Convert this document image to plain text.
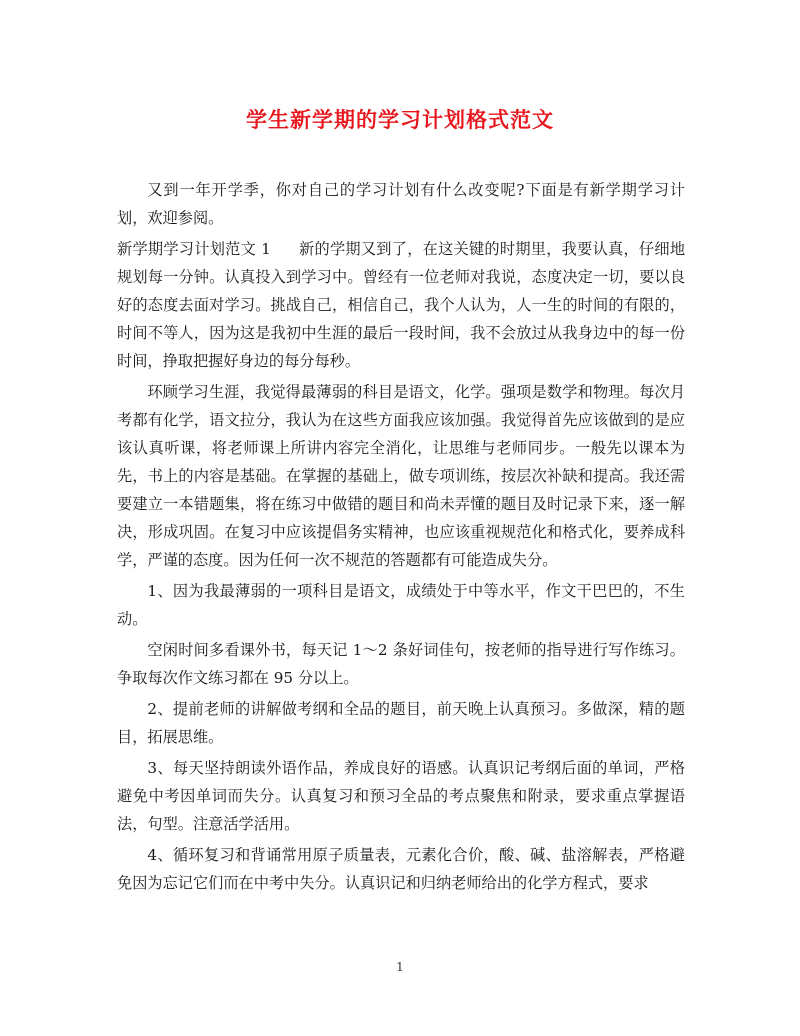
学生新学期的学习计划格式范文

又到一年开学季，你对自己的学习计划有什么改变呢?下面是有新学期学习计划，欢迎参阅。

新学期学习计划范文 1 新的学期又到了，在这关键的时期里，我要认真，仔细地规划每一分钟。认真投入到学习中。曾经有一位老师对我说，态度决定一切，要以良好的态度去面对学习。挑战自己，相信自己，我个人认为，人一生的时间的有限的，时间不等人，因为这是我初中生涯的最后一段时间，我不会放过从我身边中的每一份时间，挣取把握好身边的每分每秒。

环顾学习生涯，我觉得最薄弱的科目是语文，化学。强项是数学和物理。每次月考都有化学，语文拉分，我认为在这些方面我应该加强。我觉得首先应该做到的是应该认真听课，将老师课上所讲内容完全消化，让思维与老师同步。一般先以课本为先，书上的内容是基础。在掌握的基础上，做专项训练，按层次补缺和提高。我还需要建立一本错题集，将在练习中做错的题目和尚未弄懂的题目及时记录下来，逐一解决，形成巩固。在复习中应该提倡务实精神，也应该重视规范化和格式化，要养成科学，严谨的态度。因为任何一次不规范的答题都有可能造成失分。

1、因为我最薄弱的一项科目是语文，成绩处于中等水平，作文干巴巴的，不生动。

空闲时间多看课外书，每天记 1～2 条好词佳句，按老师的指导进行写作练习。争取每次作文练习都在 95 分以上。

2、提前老师的讲解做考纲和全品的题目，前天晚上认真预习。多做深，精的题目，拓展思维。

3、每天坚持朗读外语作品，养成良好的语感。认真识记考纲后面的单词，严格避免中考因单词而失分。认真复习和预习全品的考点聚焦和附录，要求重点掌握语法，句型。注意活学活用。

4、循环复习和背诵常用原子质量表，元素化合价，酸、碱、盐溶解表，严格避免因为忘记它们而在中考中失分。认真识记和归纳老师给出的化学方程式，要求

1
